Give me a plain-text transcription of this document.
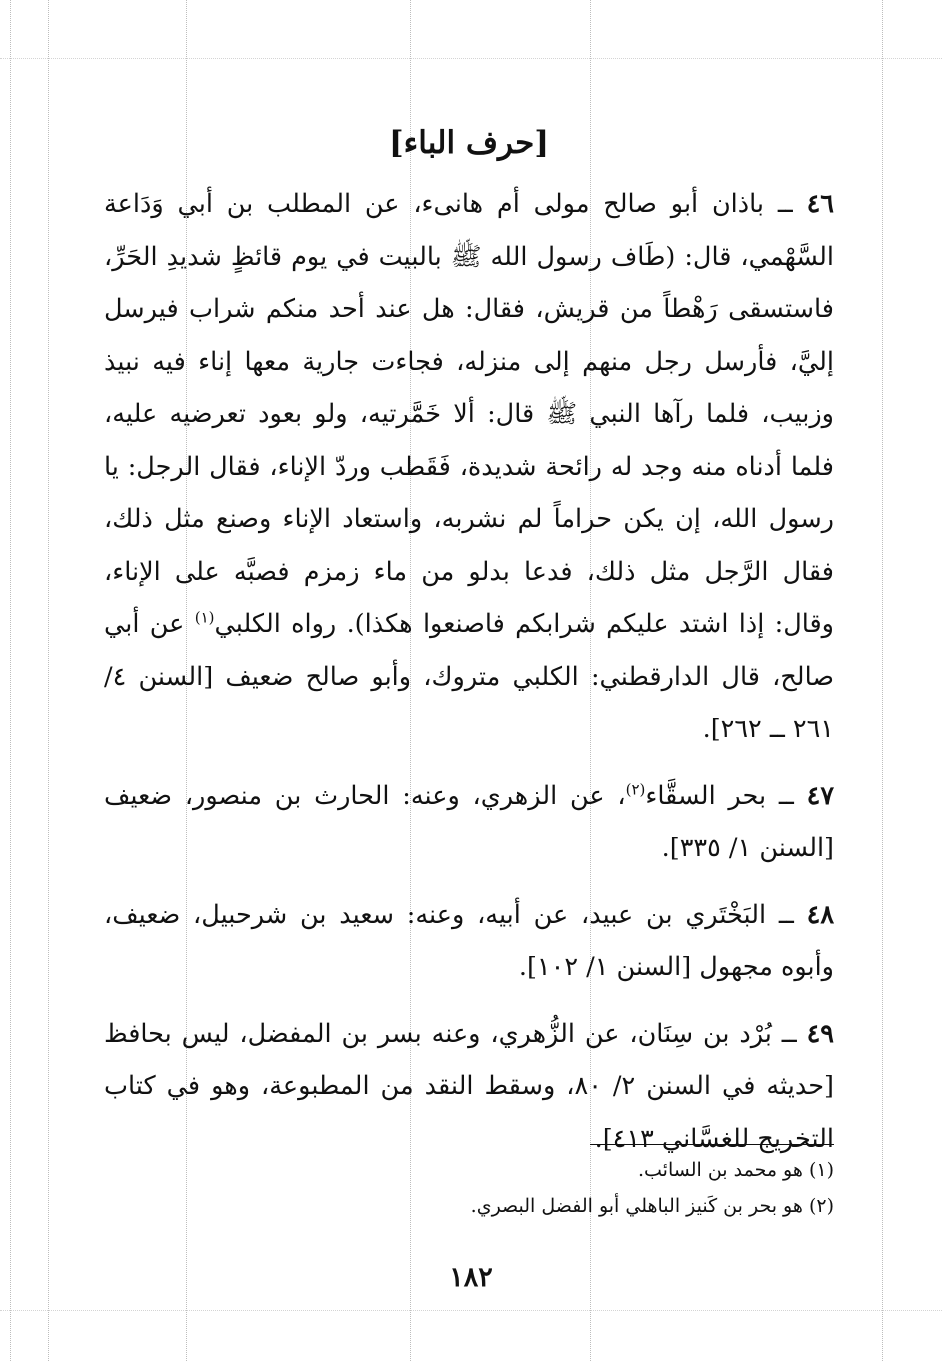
[حرف الباء]

٤٦ ــ باذان أبو صالح مولى أم هانىء، عن المطلب بن أبي وَدَاعة السَّهْمي، قال: (طَاف رسول الله ﷺ بالبيت في يوم قائظٍ شديدِ الحَرِّ، فاستسقى رَهْطاً من قريش، فقال: هل عند أحد منكم شراب فيرسل إليَّ، فأرسل رجل منهم إلى منزله، فجاءت جارية معها إناء فيه نبيذ وزبيب، فلما رآها النبي ﷺ قال: ألا خَمَّرتيه، ولو بعود تعرضيه عليه، فلما أدناه منه وجد له رائحة شديدة، فَقَطب وردّ الإناء، فقال الرجل: يا رسول الله، إن يكن حراماً لم نشربه، واستعاد الإناء وصنع مثل ذلك، فقال الرَّجل مثل ذلك، فدعا بدلو من ماء زمزم فصبَّه على الإناء، وقال: إذا اشتد عليكم شرابكم فاصنعوا هكذا). رواه الكلبي$^{(١)}$ عن أبي صالح، قال الدارقطني: الكلبي متروك، وأبو صالح ضعيف [السنن ٤/ ٢٦١ ــ ٢٦٢].

٤٧ ــ بحر السقَّاء$^{(٢)}$، عن الزهري، وعنه: الحارث بن منصور، ضعيف [السنن ١/ ٣٣٥].

٤٨ ــ البَخْتَري بن عبيد، عن أبيه، وعنه: سعيد بن شرحبيل، ضعيف، وأبوه مجهول [السنن ١/ ١٠٢].

٤٩ ــ بُرْد بن سِنَان، عن الزُّهري، وعنه بسر بن المفضل، ليس بحافظ [حديثه في السنن ٢/ ٨٠، وسقط النقد من المطبوعة، وهو في كتاب التخريج للغسَّاني ٤١٣].

(١) هو محمد بن السائب.
(٢) هو بحر بن كَنيز الباهلي أبو الفضل البصري.
١٨٢
